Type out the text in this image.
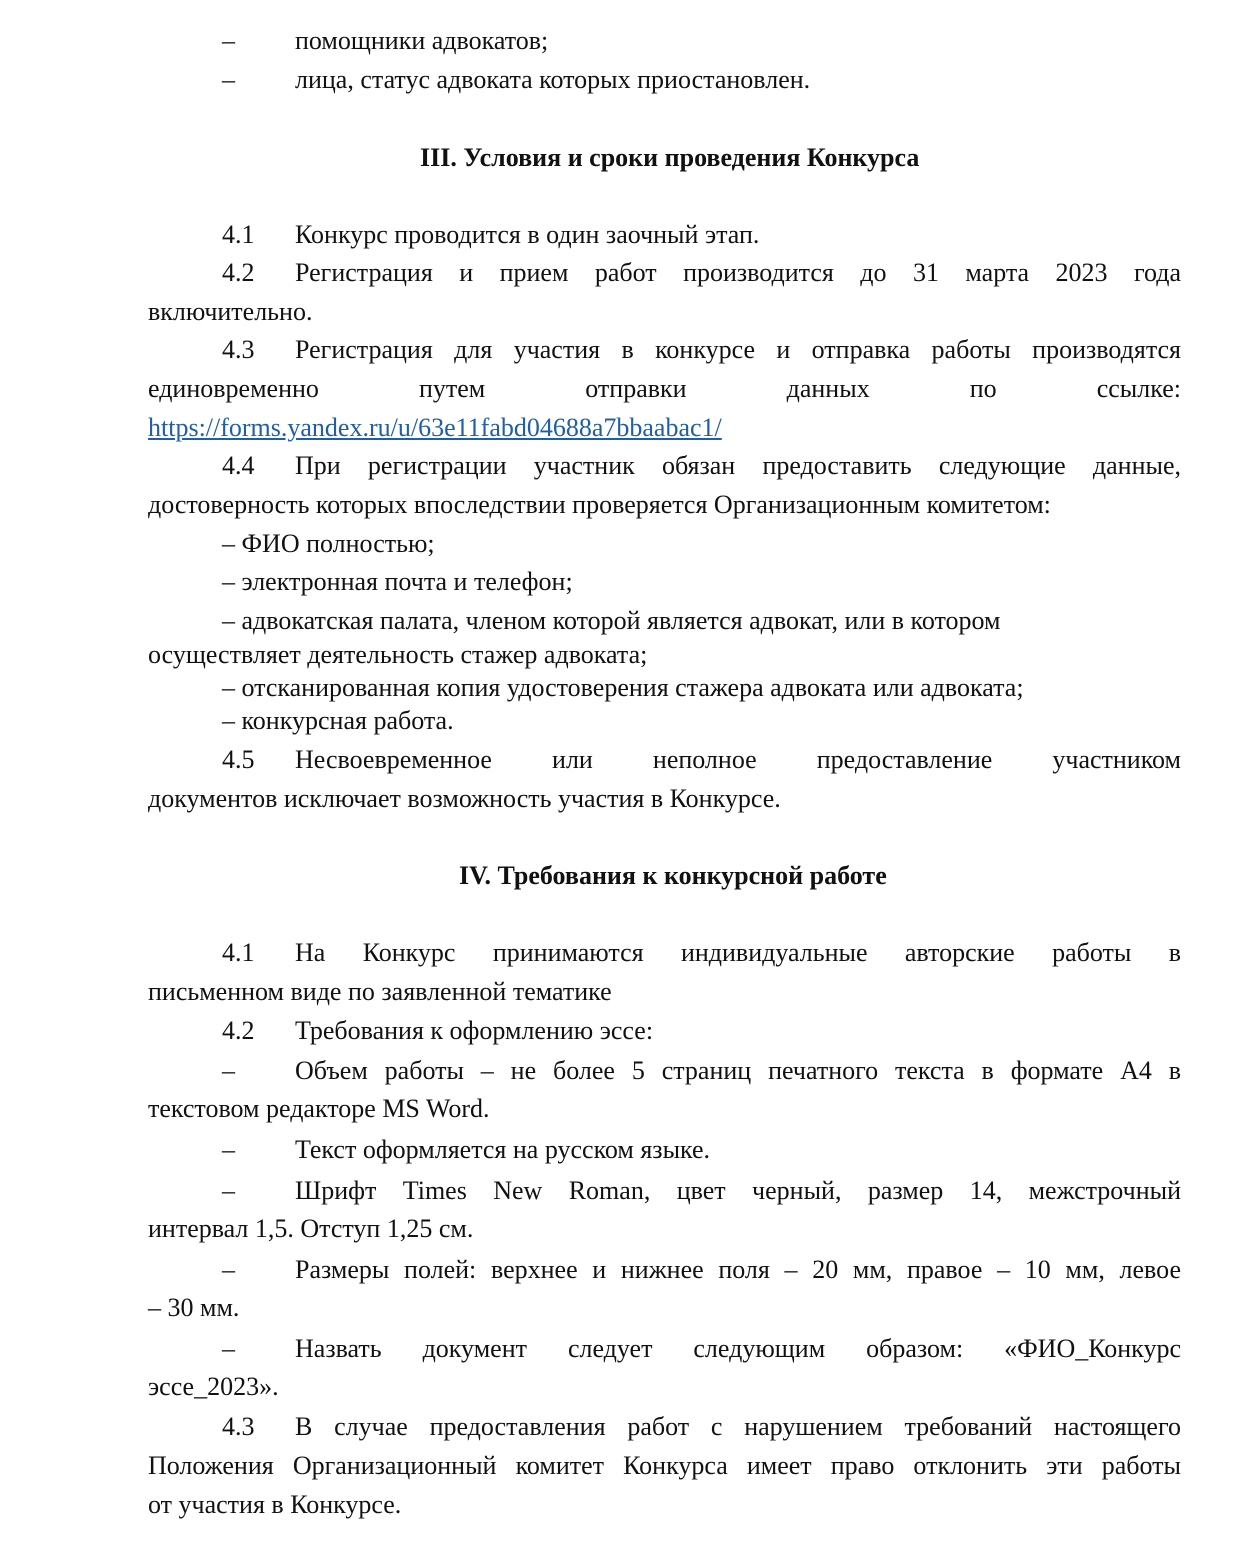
– помощники адвокатов;
– лица, статус адвоката которых приостановлен.
III. Условия и сроки проведения Конкурса
4.1 Конкурс проводится в один заочный этап.
4.2 Регистрация и прием работ производится до 31 марта 2023 года
включительно.
4.3 Регистрация для участия в конкурсе и отправка работы производятся
единовременно путем отправки данных по ссылке:
https://forms.yandex.ru/u/63e11fabd04688a7bbaabac1/
4.4 При регистрации участник обязан предоставить следующие данные,
достоверность которых впоследствии проверяется Организационным комитетом:
– ФИО полностью;
– электронная почта и телефон;
– адвокатская палата, членом которой является адвокат, или в котором
осуществляет деятельность стажер адвоката;
– отсканированная копия удостоверения стажера адвоката или адвоката;
– конкурсная работа.
4.5 Несвоевременное или неполное предоставление участником
документов исключает возможность участия в Конкурсе.
IV. Требования к конкурсной работе
4.1 На Конкурс принимаются индивидуальные авторские работы в
письменном виде по заявленной тематике
4.2 Требования к оформлению эссе:
– Объем работы – не более 5 страниц печатного текста в формате А4 в
текстовом редакторе MS Word.
– Текст оформляется на русском языке.
– Шрифт Times New Roman, цвет черный, размер 14, межстрочный
интервал 1,5. Отступ 1,25 см.
– Размеры полей: верхнее и нижнее поля – 20 мм, правое – 10 мм, левое
– 30 мм.
– Назвать документ следует следующим образом: «ФИО_Конкурс
эссе_2023».
4.3 В случае предоставления работ с нарушением требований настоящего
Положения Организационный комитет Конкурса имеет право отклонить эти работы
от участия в Конкурсе.
